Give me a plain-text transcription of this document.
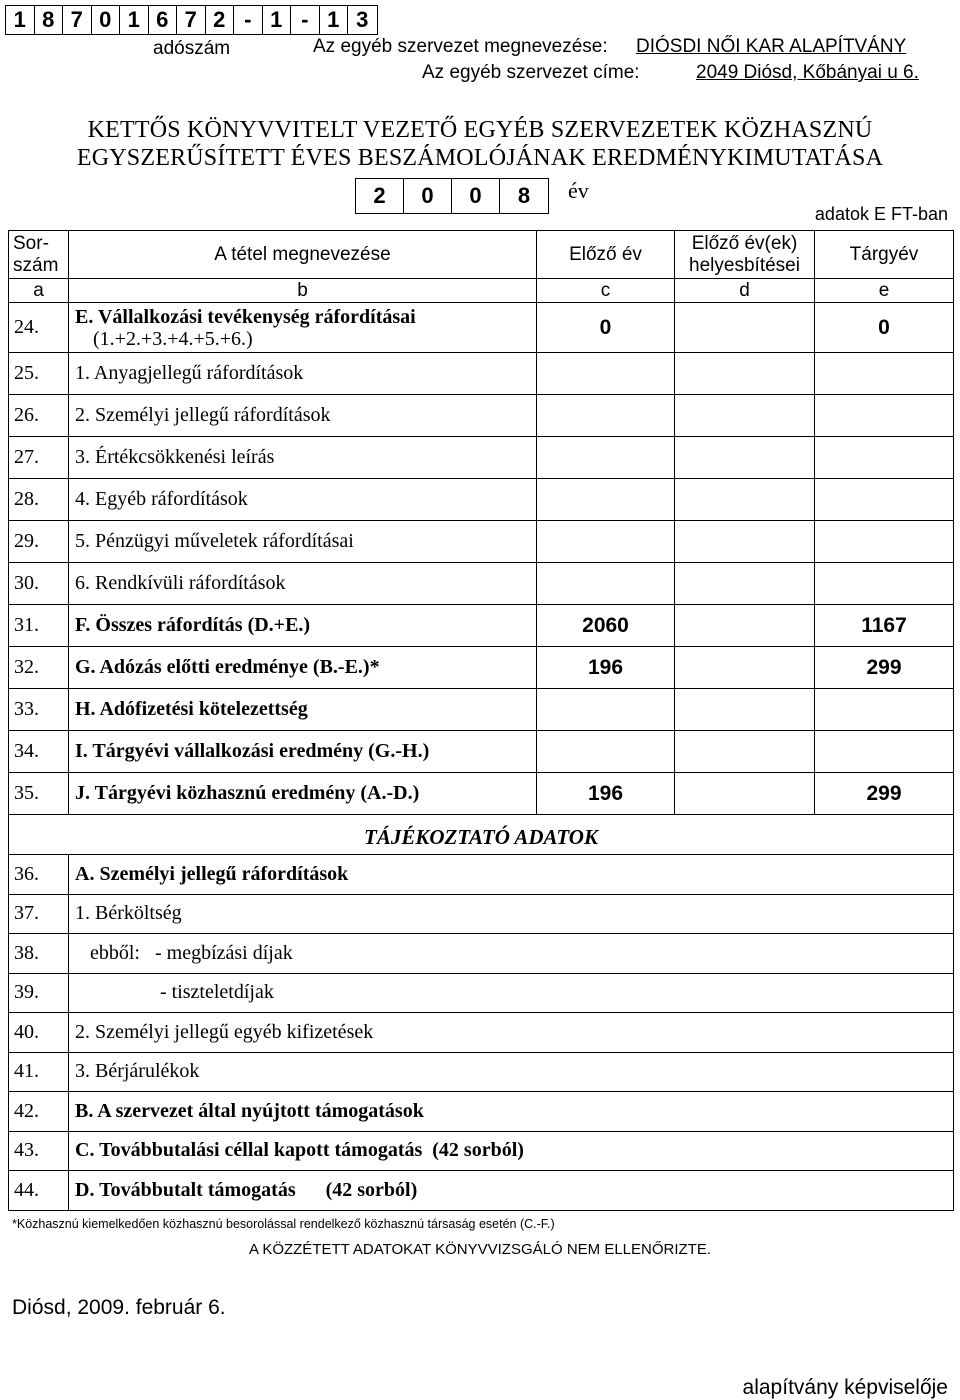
1 8 7 0 1 6 7 2 - 1 - 1 3
adószám	Az egyéb szervezet megnevezése: DIÓSDI NŐI KAR ALAPÍTVÁNY
Az egyéb szervezet címe:	2049 Diósd, Kőbányai u 6.
KETTŐS KÖNYVVITELT VEZETŐ EGYÉB SZERVEZETEK KÖZHASZNÚ
EGYSZERŰSÍTETT ÉVES BESZÁMOLÓJÁNAK EREDMÉNYKIMUTATÁSA
2	0	0	8	év
adatok E FT-ban
Sor-
szám	A tétel megnevezése	Előző év	Előző év(ek)
helyesbítései	Tárgyév
a	b	c	d	e
24.	E. Vállalkozási tevékenység ráfordításai
(1.+2.+3.+4.+5.+6.)	0		0
25.	1. Anyagjellegű ráfordítások			
26.	2. Személyi jellegű ráfordítások			
27.	3. Értékcsökkenési leírás			
28.	4. Egyéb ráfordítások			
29.	5. Pénzügyi műveletek ráfordításai			
30.	6. Rendkívüli ráfordítások			
31.	F. Összes ráfordítás (D.+E.)	2060		1167
32.	G. Adózás előtti eredménye (B.-E.)*	196		299
33.	H. Adófizetési kötelezettség			
34.	I. Tárgyévi vállalkozási eredmény (G.-H.)			
35.	J. Tárgyévi közhasznú eredmény (A.-D.)	196		299
TÁJÉKOZTATÓ ADATOK				
36.	A. Személyi jellegű ráfordítások			
37.	1. Bérköltség			
38.	ebből:   - megbízási díjak			
39.	- tiszteletdíjak			
40.	2. Személyi jellegű egyéb kifizetések			
41.	3. Bérjárulékok			
42.	B. A szervezet által nyújtott támogatások			
43.	C. Továbbutalási céllal kapott támogatás  (42 sorból)			
44.	D. Továbbutalt támogatás      (42 sorból)			
*Közhasznú kiemelkedően közhasznú besorolással rendelkező közhasznú társaság esetén (C.-F.)
A KÖZZÉTETT ADATOKAT KÖNYVVIZSGÁLÓ NEM ELLENŐRIZTE.
Diósd, 2009. február 6.
alapítvány képviselője
